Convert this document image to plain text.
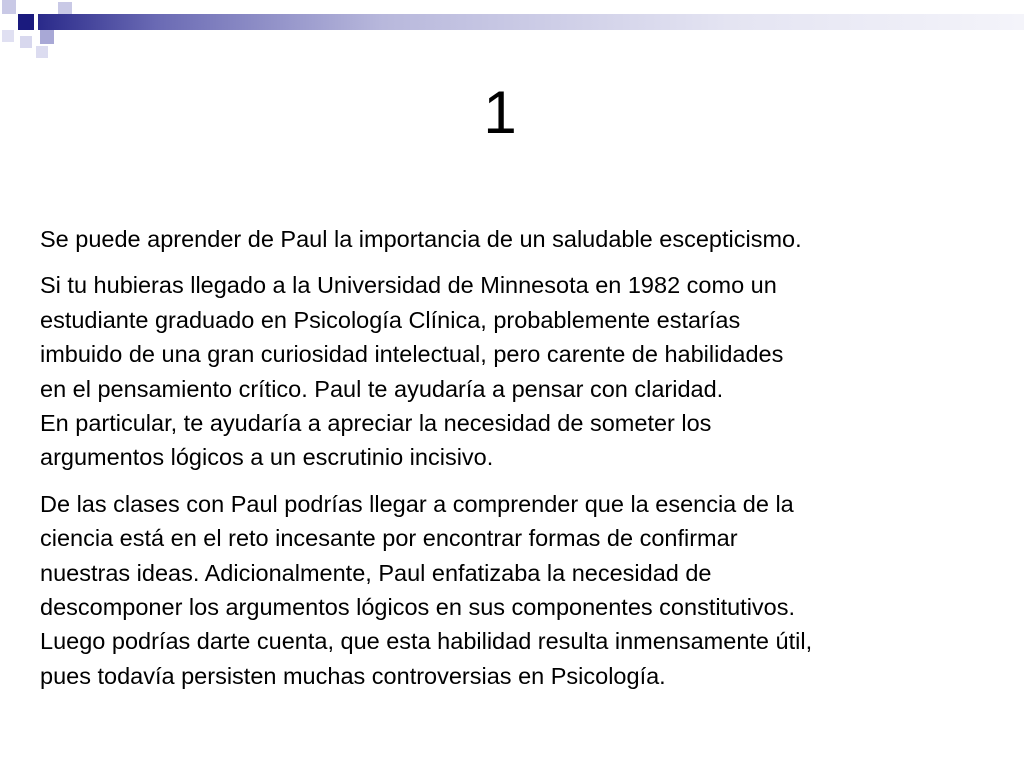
1

Se puede aprender de Paul la importancia de un saludable escepticismo.

Si tu hubieras llegado a la Universidad de Minnesota en 1982 como un
estudiante graduado en Psicología Clínica, probablemente estarías
imbuido de una gran curiosidad intelectual, pero carente de habilidades
en el pensamiento crítico. Paul te ayudaría a pensar con claridad.
En particular, te ayudaría a apreciar la necesidad de someter los
argumentos lógicos a un escrutinio incisivo.

De las clases con Paul podrías llegar a comprender que la esencia de la
ciencia está en el reto incesante por encontrar formas de confirmar
nuestras ideas. Adicionalmente, Paul enfatizaba la necesidad de
descomponer los argumentos lógicos en sus componentes constitutivos.
Luego podrías darte cuenta, que esta habilidad resulta inmensamente útil,
pues todavía persisten muchas controversias en Psicología.
